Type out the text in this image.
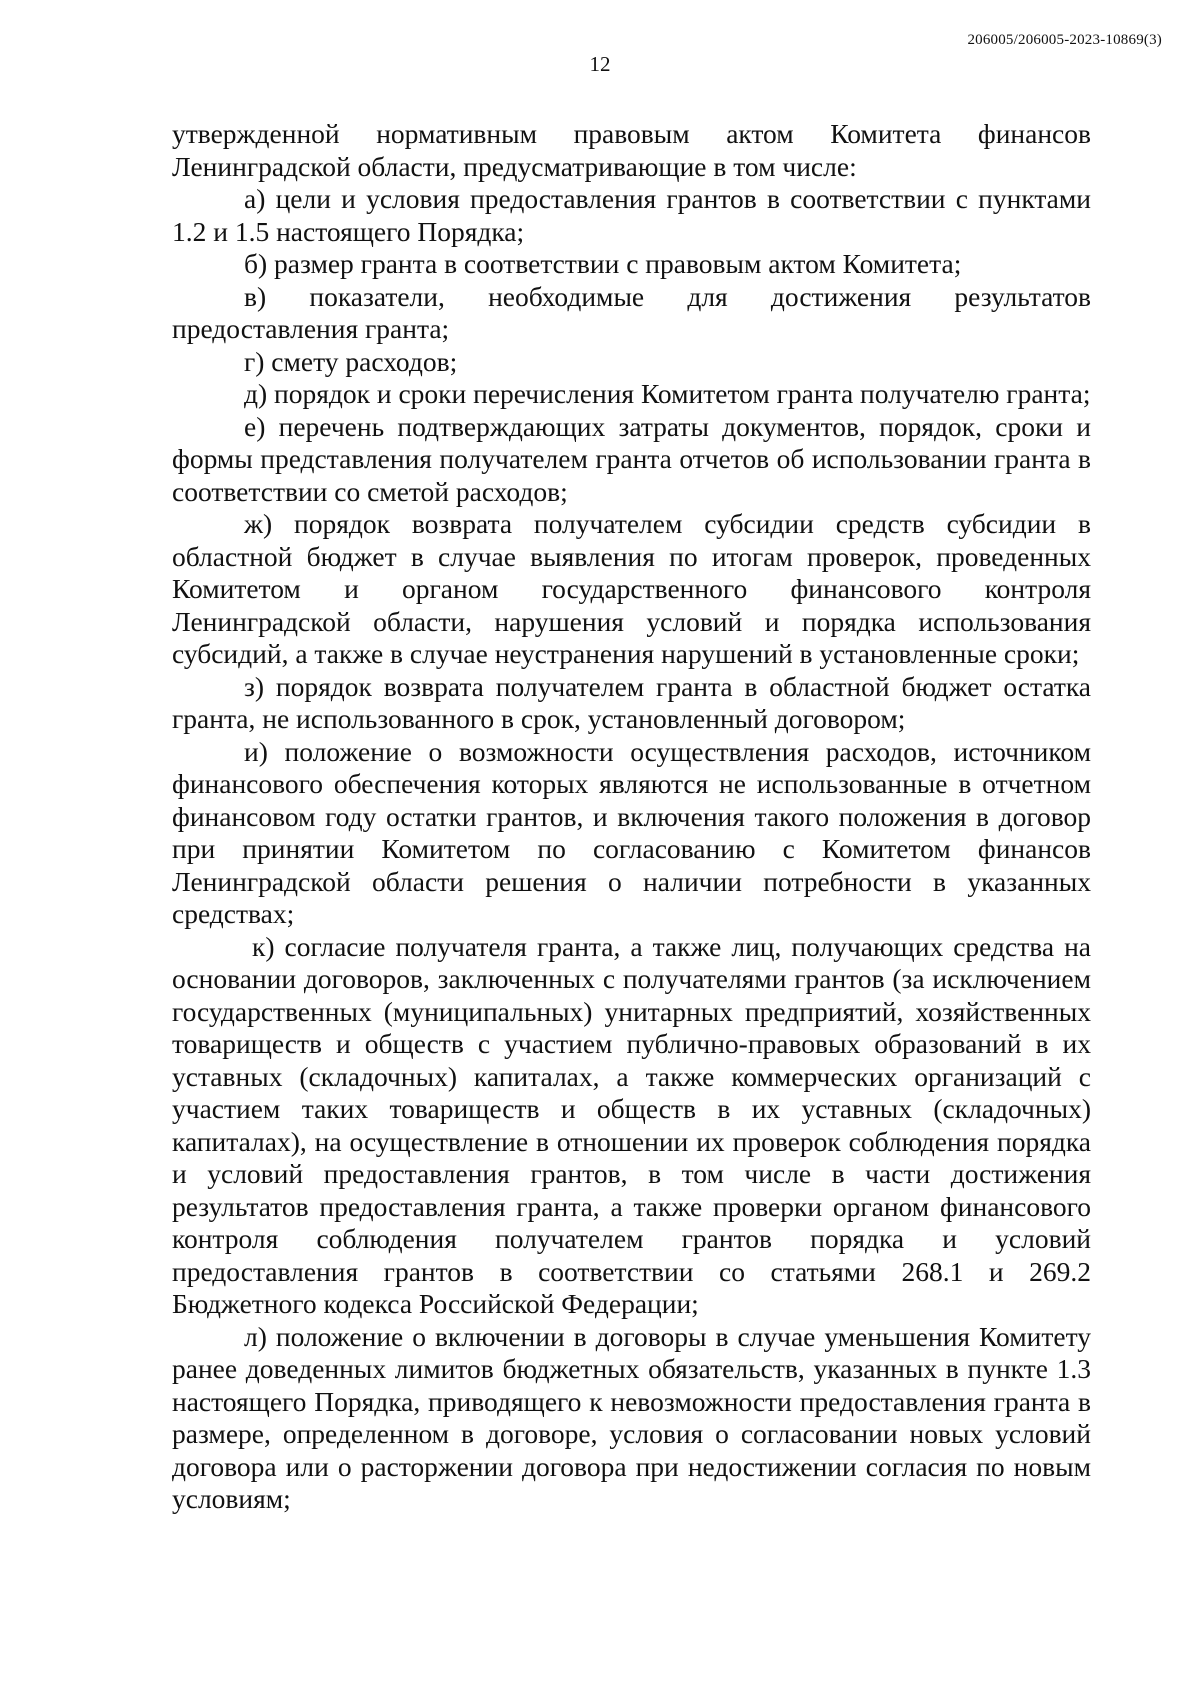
206005/206005-2023-10869(3)
12

утвержденной нормативным правовым актом Комитета финансов Ленинградской области, предусматривающие в том числе:

а) цели и условия предоставления грантов в соответствии с пунктами 1.2 и 1.5 настоящего Порядка;

б) размер гранта в соответствии с правовым актом Комитета;

в) показатели, необходимые для достижения результатов предоставления гранта;

г) смету расходов;

д) порядок и сроки перечисления Комитетом гранта получателю гранта;

е) перечень подтверждающих затраты документов, порядок, сроки и формы представления получателем гранта отчетов об использовании гранта в соответствии со сметой расходов;

ж) порядок возврата получателем субсидии средств субсидии в областной бюджет в случае выявления по итогам проверок, проведенных Комитетом и органом государственного финансового контроля Ленинградской области, нарушения условий и порядка использования субсидий, а также в случае неустранения нарушений в установленные сроки;

з) порядок возврата получателем гранта в областной бюджет остатка гранта, не использованного в срок, установленный договором;

и) положение о возможности осуществления расходов, источником финансового обеспечения которых являются не использованные в отчетном финансовом году остатки грантов, и включения такого положения в договор при принятии Комитетом по согласованию с Комитетом финансов Ленинградской области решения о наличии потребности в указанных средствах;

к) согласие получателя гранта, а также лиц, получающих средства на основании договоров, заключенных с получателями грантов (за исключением государственных (муниципальных) унитарных предприятий, хозяйственных товариществ и обществ с участием публично-правовых образований в их уставных (складочных) капиталах, а также коммерческих организаций с участием таких товариществ и обществ в их уставных (складочных) капиталах), на осуществление в отношении их проверок соблюдения порядка и условий предоставления грантов, в том числе в части достижения результатов предоставления гранта, а также проверки органом финансового контроля соблюдения получателем грантов порядка и условий предоставления грантов в соответствии со статьями 268.1 и 269.2 Бюджетного кодекса Российской Федерации;

л) положение о включении в договоры в случае уменьшения Комитету ранее доведенных лимитов бюджетных обязательств, указанных в пункте 1.3 настоящего Порядка, приводящего к невозможности предоставления гранта в размере, определенном в договоре, условия о согласовании новых условий договора или о расторжении договора при недостижении согласия по новым условиям;
